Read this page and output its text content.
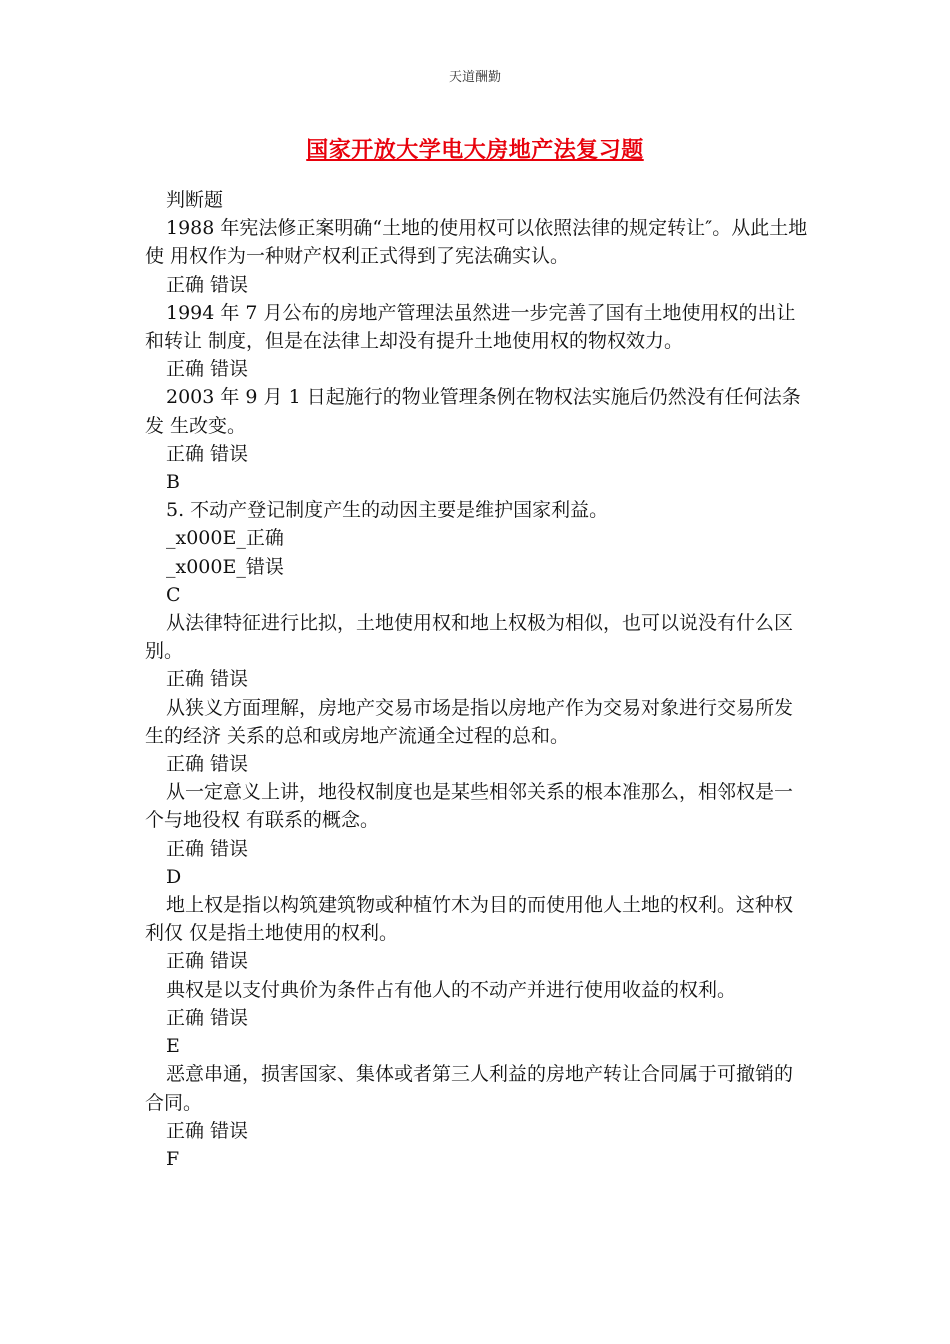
天道酬勤
国家开放大学电大房地产法复习题

判断题

1988 年宪法修正案明确“土地的使用权可以依照法律的规定转让″。从此土地使 用权作为一种财产权利正式得到了宪法确实认。

正确 错误

1994 年 7 月公布的房地产管理法虽然进一步完善了国有土地使用权的出让和转让 制度，但是在法律上却没有提升土地使用权的物权效力。

正确 错误

2003 年 9 月 1 日起施行的物业管理条例在物权法实施后仍然没有任何法条发 生改变。

正确 错误

B

5. 不动产登记制度产生的动因主要是维护国家利益。

_x000E_正确

_x000E_错误

C

从法律特征进行比拟，土地使用权和地上权极为相似，也可以说没有什么区别。

正确 错误

从狭义方面理解，房地产交易市场是指以房地产作为交易对象进行交易所发生的经济 关系的总和或房地产流通全过程的总和。

正确 错误

从一定意义上讲，地役权制度也是某些相邻关系的根本准那么，相邻权是一个与地役权 有联系的概念。

正确 错误

D

地上权是指以构筑建筑物或种植竹木为目的而使用他人土地的权利。这种权利仅 仅是指土地使用的权利。

正确 错误

典权是以支付典价为条件占有他人的不动产并进行使用收益的权利。

正确 错误

E

恶意串通，损害国家、集体或者第三人利益的房地产转让合同属于可撤销的合同。

正确 错误

F
